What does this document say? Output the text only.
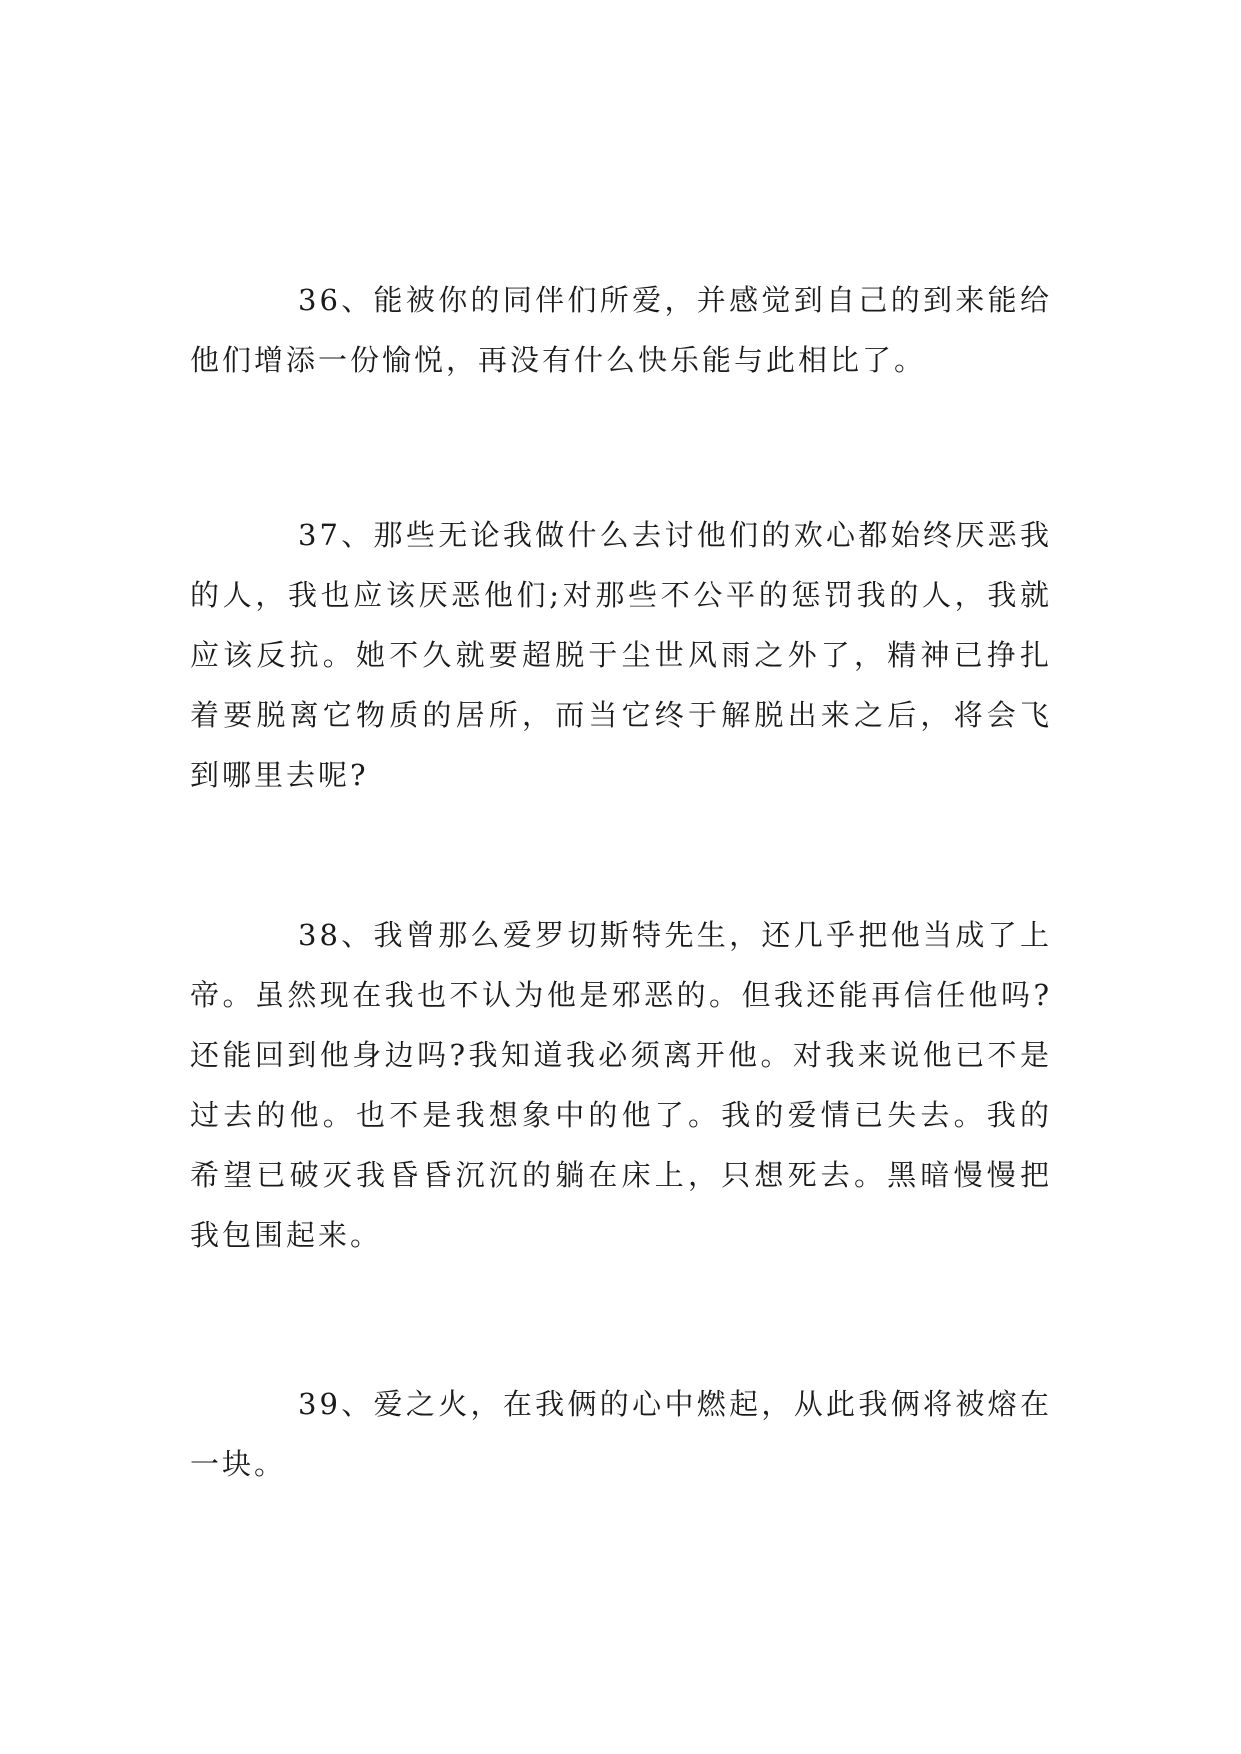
36、能被你的同伴们所爱，并感觉到自己的到来能给他们增添一份愉悦，再没有什么快乐能与此相比了。

37、那些无论我做什么去讨他们的欢心都始终厌恶我的人，我也应该厌恶他们;对那些不公平的惩罚我的人，我就应该反抗。她不久就要超脱于尘世风雨之外了，精神已挣扎着要脱离它物质的居所，而当它终于解脱出来之后，将会飞到哪里去呢?

38、我曾那么爱罗切斯特先生，还几乎把他当成了上帝。虽然现在我也不认为他是邪恶的。但我还能再信任他吗?还能回到他身边吗?我知道我必须离开他。对我来说他已不是过去的他。也不是我想象中的他了。我的爱情已失去。我的希望已破灭我昏昏沉沉的躺在床上，只想死去。黑暗慢慢把我包围起来。

39、爱之火，在我俩的心中燃起，从此我俩将被熔在一块。
